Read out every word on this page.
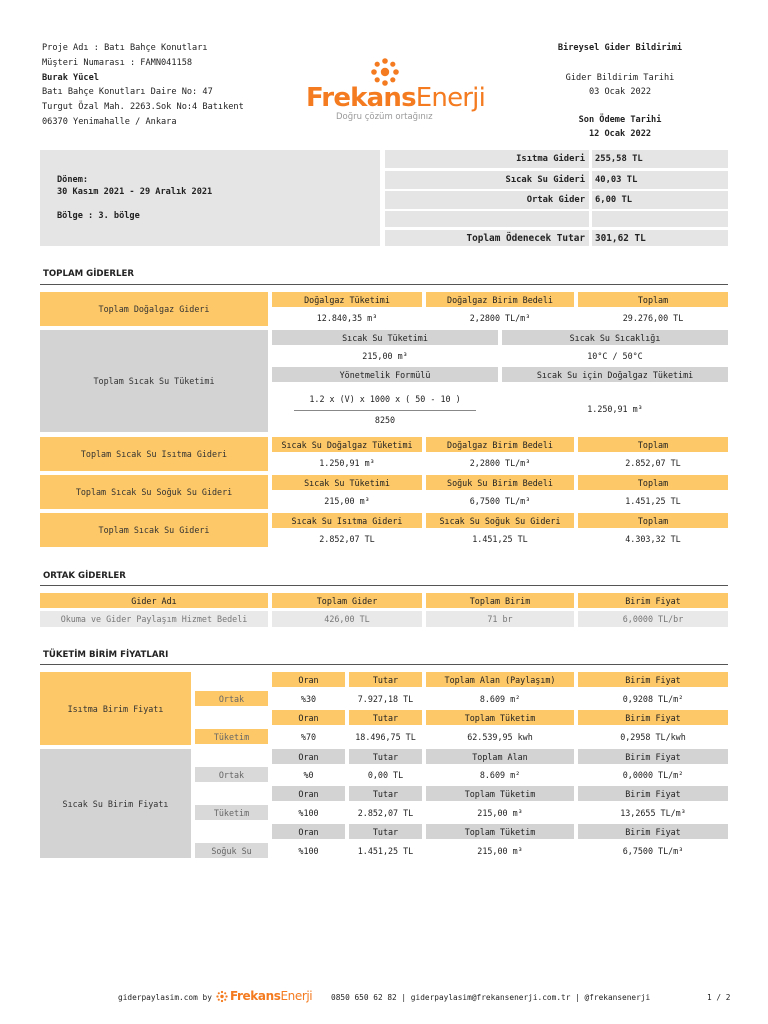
Proje Adı : Batı Bahçe Konutları
Müşteri Numarası : FAMN041158
Burak Yücel
Batı Bahçe Konutları Daire No: 47
Turgut Özal Mah. 2263.Sok No:4 Batıkent
06370 Yenimahalle / Ankara
FrekansEnerji
Doğru çözüm ortağınız
Bireysel Gider Bildirimi
Gider Bildirim Tarihi
03 Ocak 2022
Son Ödeme Tarihi
12 Ocak 2022
Dönem:
30 Kasım 2021 - 29 Aralık 2021
Bölge : 3. bölge
Isıtma Gideri	255,58 TL
Sıcak Su Gideri	40,03 TL
Ortak Gider	6,00 TL
Toplam Ödenecek Tutar	301,62 TL
TOPLAM GİDERLER
Toplam Doğalgaz Gideri
Doğalgaz Tüketimi	Doğalgaz Birim Bedeli	Toplam
12.840,35 m³	2,2800 TL/m³	29.276,00 TL
Toplam Sıcak Su Tüketimi
Sıcak Su Tüketimi	Sıcak Su Sıcaklığı
215,00 m³	10°C / 50°C
Yönetmelik Formülü	Sıcak Su için Doğalgaz Tüketimi
1.2 x (V) x 1000 x ( 50 - 10 )
8250
1.250,91 m³
Toplam Sıcak Su Isıtma Gideri
Sıcak Su Doğalgaz Tüketimi	Doğalgaz Birim Bedeli	Toplam
1.250,91 m³	2,2800 TL/m³	2.852,07 TL
Toplam Sıcak Su Soğuk Su Gideri
Sıcak Su Tüketimi	Soğuk Su Birim Bedeli	Toplam
215,00 m³	6,7500 TL/m³	1.451,25 TL
Toplam Sıcak Su Gideri
Sıcak Su Isıtma Gideri	Sıcak Su Soğuk Su Gideri	Toplam
2.852,07 TL	1.451,25 TL	4.303,32 TL
ORTAK GİDERLER
Gider Adı	Toplam Gider	Toplam Birim	Birim Fiyat
Okuma ve Gider Paylaşım Hizmet Bedeli	426,00 TL	71 br	6,0000 TL/br
TÜKETİM BİRİM FİYATLARI
Isıtma Birim Fiyatı
Ortak
Oran	Tutar	Toplam Alan (Paylaşım)	Birim Fiyat
%30	7.927,18 TL	8.609 m²	0,9208 TL/m²
Tüketim
Oran	Tutar	Toplam Tüketim	Birim Fiyat
%70	18.496,75 TL	62.539,95 kwh	0,2958 TL/kwh
Sıcak Su Birim Fiyatı
Ortak
Oran	Tutar	Toplam Alan	Birim Fiyat
%0	0,00 TL	8.609 m²	0,0000 TL/m²
Tüketim
Oran	Tutar	Toplam Tüketim	Birim Fiyat
%100	2.852,07 TL	215,00 m³	13,2655 TL/m³
Soğuk Su
Oran	Tutar	Toplam Tüketim	Birim Fiyat
%100	1.451,25 TL	215,00 m³	6,7500 TL/m³
giderpaylasim.com by FrekansEnerji 0850 650 62 82 | giderpaylasim@frekansenerji.com.tr | @frekansenerji	1 / 2
